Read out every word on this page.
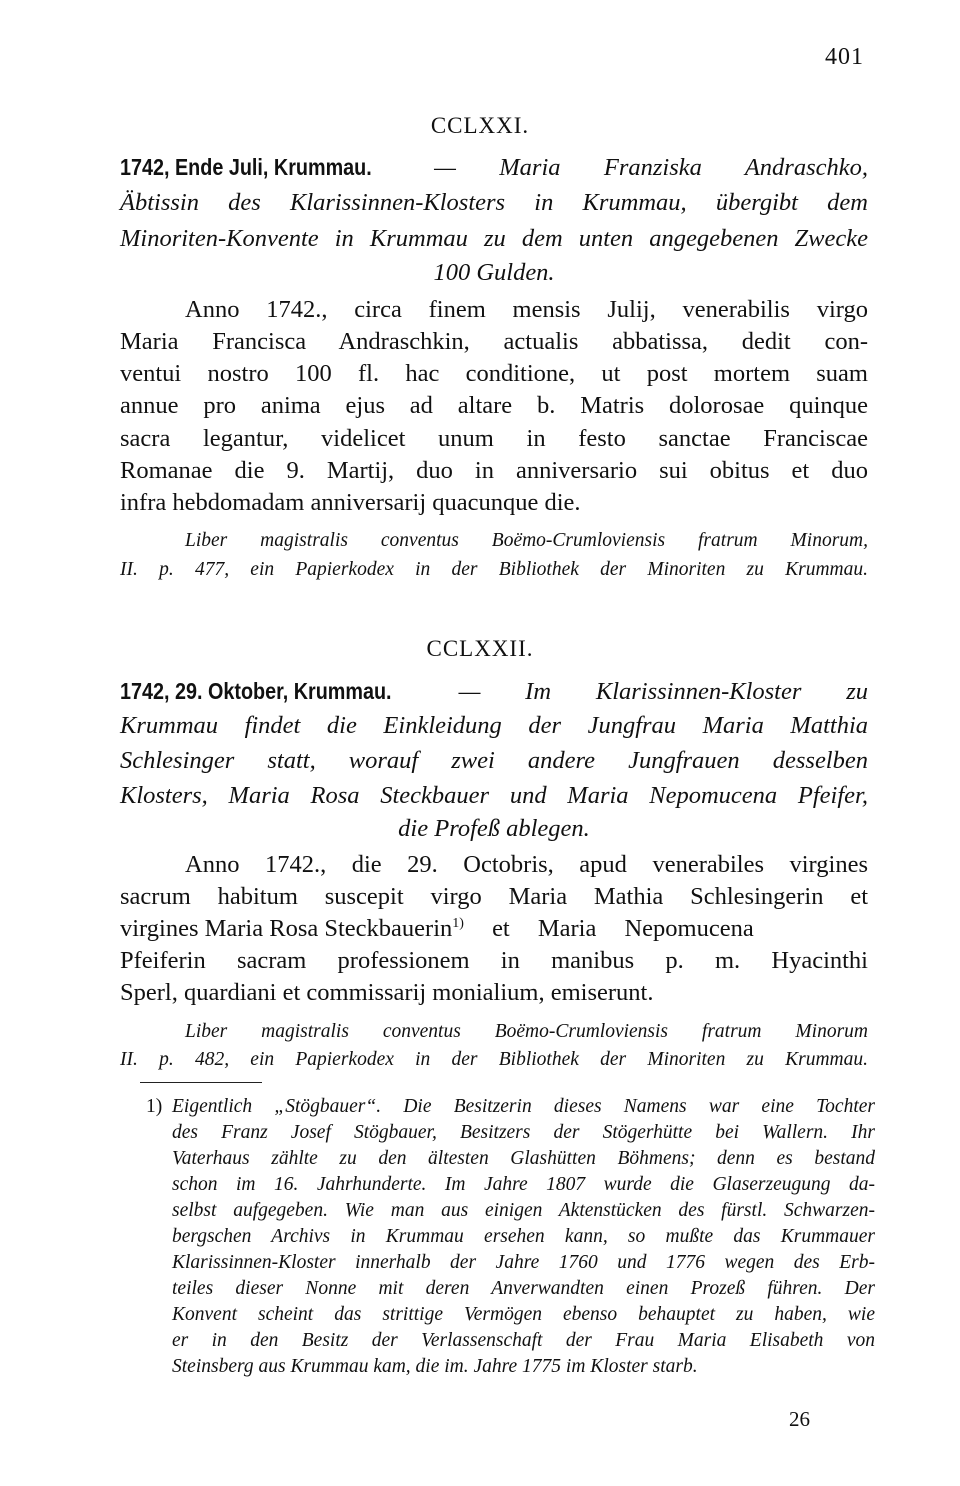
401
CCLXXI.
1742, Ende Juli, Krummau. — Maria Franziska Andraschko,
Äbtissin des Klarissinnen-Klosters in Krummau, übergibt dem
Minoriten-Konvente in Krummau zu dem unten angegebenen Zwecke
100 Gulden.
Anno 1742., circa finem mensis Julij, venerabilis virgo
Maria Francisca Andraschkin, actualis abbatissa, dedit con-
ventui nostro 100 fl. hac conditione, ut post mortem suam
annue pro anima ejus ad altare b. Matris dolorosae quinque
sacra legantur, videlicet unum in festo sanctae Franciscae
Romanae die 9. Martij, duo in anniversario sui obitus et duo
infra hebdomadam anniversarij quacunque die.
Liber magistralis conventus Boëmo-Crumloviensis fratrum Minorum,
II. p. 477, ein Papierkodex in der Bibliothek der Minoriten zu Krummau.
CCLXXII.
1742, 29. Oktober, Krummau. — Im Klarissinnen-Kloster zu
Krummau findet die Einkleidung der Jungfrau Maria Matthia
Schlesinger statt, worauf zwei andere Jungfrauen desselben
Klosters, Maria Rosa Steckbauer und Maria Nepomucena Pfeifer,
die Profeß ablegen.
Anno 1742., die 29. Octobris, apud venerabiles virgines
sacrum habitum suscepit virgo Maria Mathia Schlesingerin et
virgines Maria Rosa Steckbauerin$^{1)}$ et Maria Nepomucena
Pfeiferin sacram professionem in manibus p. m. Hyacinthi
Sperl, quardiani et commissarij monialium, emiserunt.
Liber magistralis conventus Boëmo-Crumloviensis fratrum Minorum
II. p. 482, ein Papierkodex in der Bibliothek der Minoriten zu Krummau.
1) Eigentlich „Stögbauer“. Die Besitzerin dieses Namens war eine Tochter
des Franz Josef Stögbauer, Besitzers der Stögerhütte bei Wallern. Ihr
Vaterhaus zählte zu den ältesten Glashütten Böhmens; denn es bestand
schon im 16. Jahrhunderte. Im Jahre 1807 wurde die Glaserzeugung da-
selbst aufgegeben. Wie man aus einigen Aktenstücken des fürstl. Schwarzen-
bergschen Archivs in Krummau ersehen kann, so mußte das Krummauer
Klarissinnen-Kloster innerhalb der Jahre 1760 und 1776 wegen des Erb-
teiles dieser Nonne mit deren Anverwandten einen Prozeß führen. Der
Konvent scheint das strittige Vermögen ebenso behauptet zu haben, wie
er in den Besitz der Verlassenschaft der Frau Maria Elisabeth von
Steinsberg aus Krummau kam, die im. Jahre 1775 im Kloster starb.
26
